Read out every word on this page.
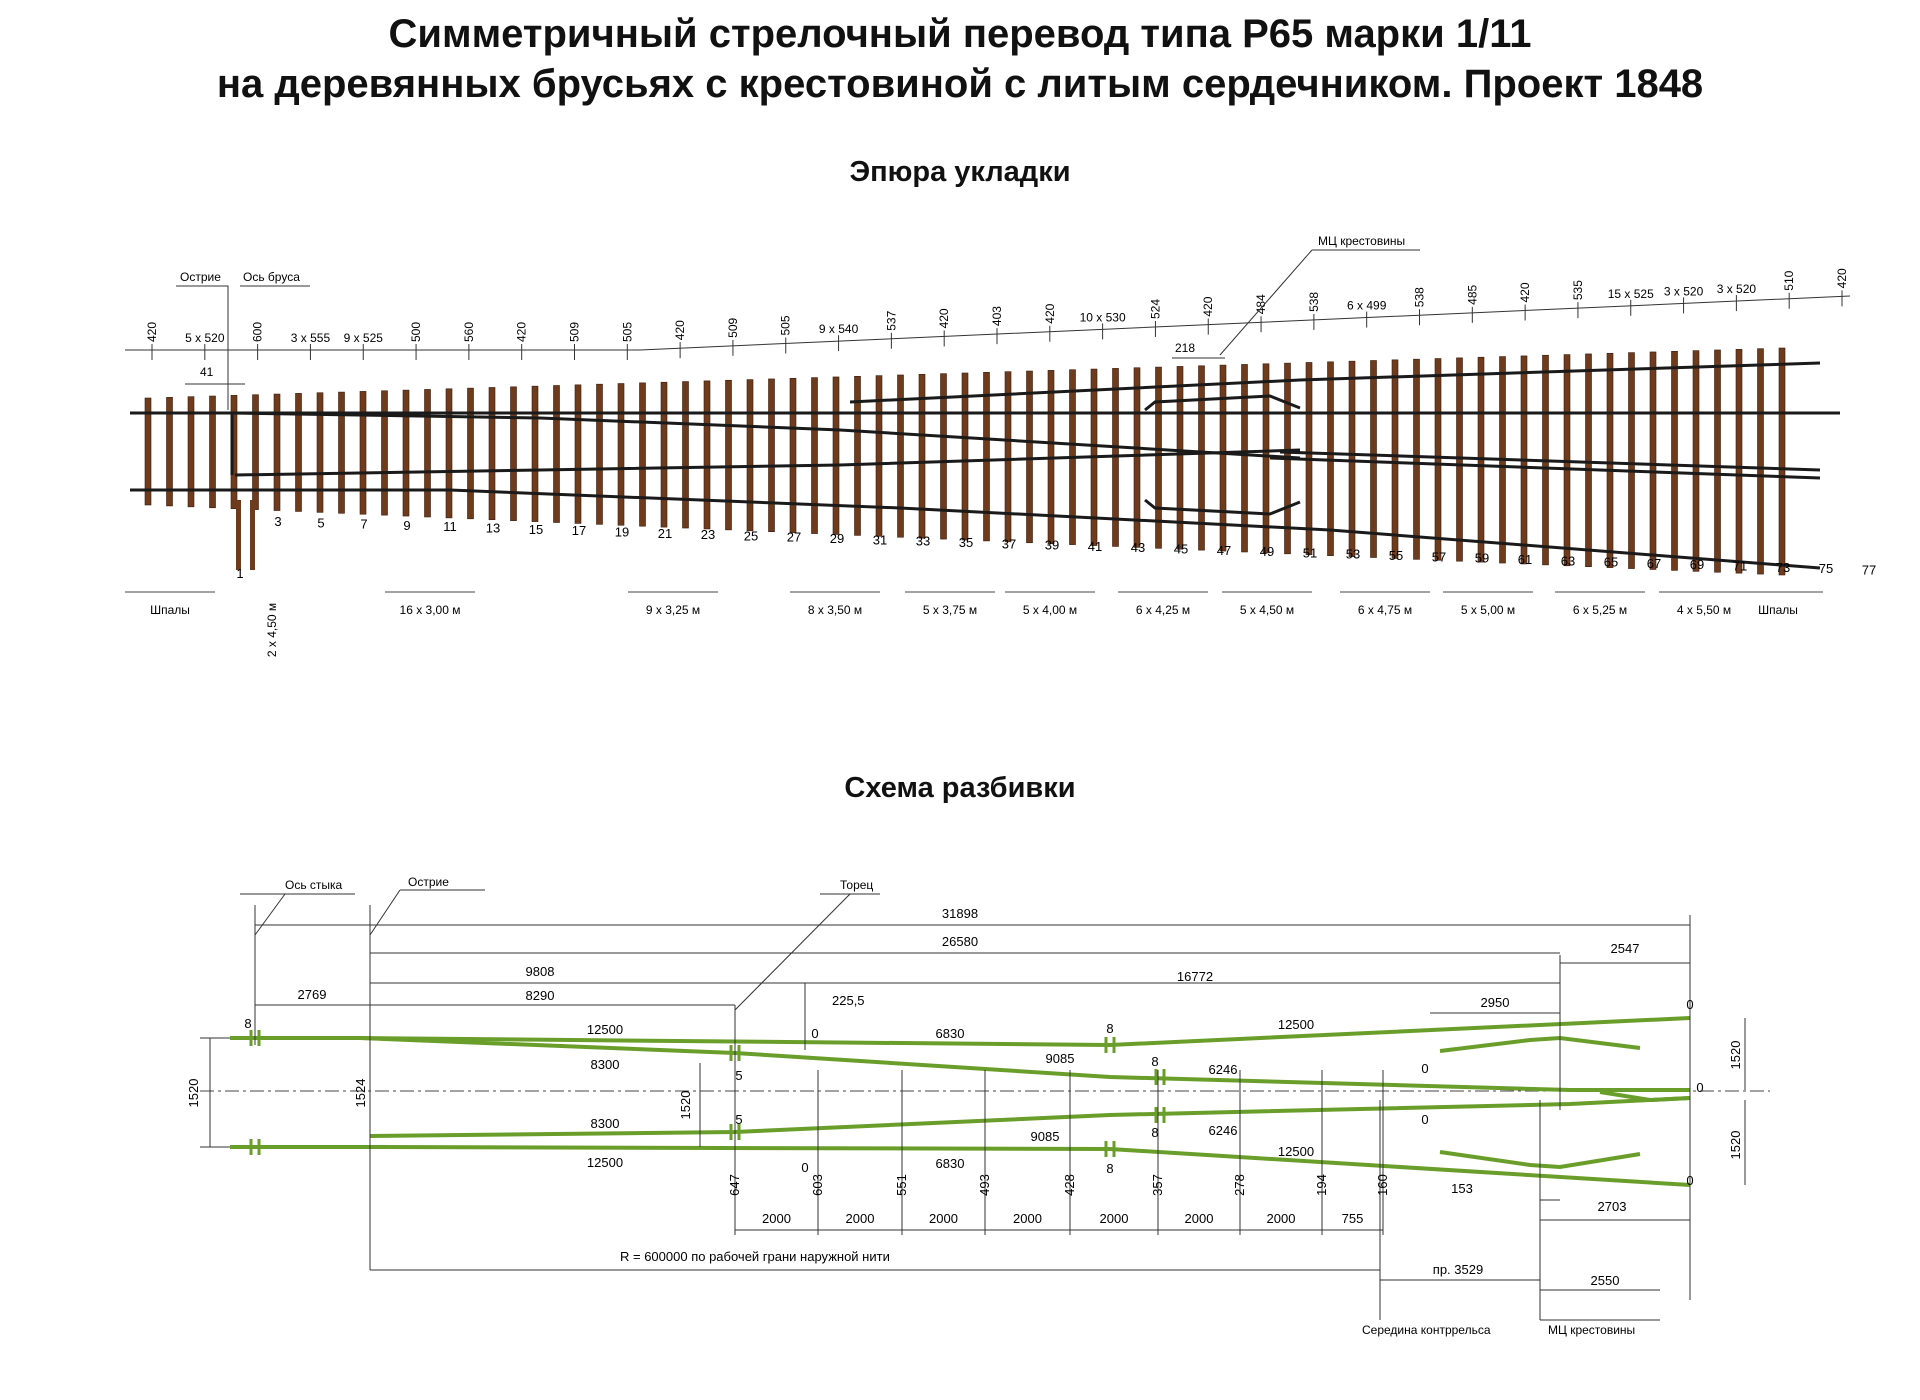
Симметричный стрелочный перевод типа Р65 марки 1/11
на деревянных брусьях с крестовиной с литым сердечником. Проект 1848
Эпюра укладки
Схема разбивки
420 5 x 520 600 3 x 555 9 x 525 500	560	420	509	505	420	509	505 9 x 540 537	420	403	420 10 x 530 524	420	484	538 6 x 499 538	485	420	535 15 x 525 3 x 520 3 x 520 510	420
1
3	5	7	9	11 13 15 17 19 21 23 25 27 29 31 33 35 37 39 41 43 45 47 49 51 53 55 57 59 61 63 65 67 69 71 73 75 77
Шпалы	2 x 4,50 м	16 x 3,00 м	9 x 3,25 м	8 x 3,50 м	5 x 3,75 м	5 x 4,00 м	6 x 4,25 м	5 x 4,50 м	6 x 4,75 м	5 x 5,00 м	6 x 5,25 м	4 x 5,50 м Шпалы
Острие Ось бруса
41
МЦ крестовины
218
647	603	551	493	428	357	278	194	160
2000	2000	2000	2000	2000	2000	2000	755
12500
8300
6830
9085
6246
12500
8300
12500
9085
6830
6246
12500
8
0
5
8
0
8
5
0
8
8
0
0
0
0
31898
26580
9808	16772
2769	8290
2547
225,5	2950
1520	1524	1520
1520
1520
Ось стыка	Острие	Торец
R = 600000 по рабочей грани наружной нити
Середина контррельса	МЦ крестовины
153
2703
пр. 3529
2550
